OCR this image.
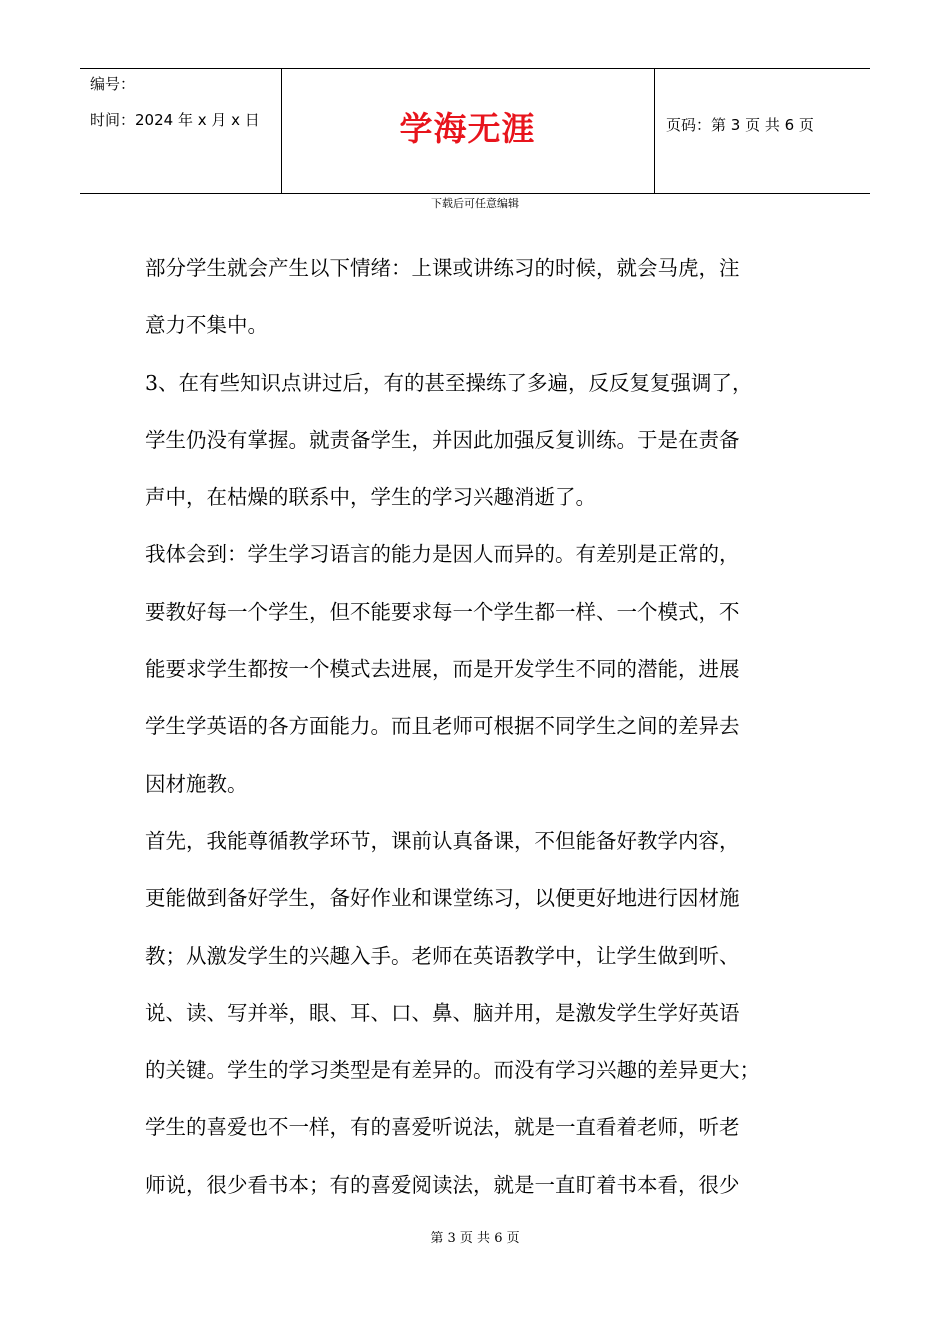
编号：
时间：2024 年 x 月 x 日	学海无涯	页码：第 3 页 共 6 页
下载后可任意编辑
部分学生就会产生以下情绪：上课或讲练习的时候，就会马虎，注
意力不集中。
3、在有些知识点讲过后，有的甚至操练了多遍，反反复复强调了，
学生仍没有掌握。就责备学生，并因此加强反复训练。于是在责备
声中，在枯燥的联系中，学生的学习兴趣消逝了。
我体会到：学生学习语言的能力是因人而异的。有差别是正常的，
要教好每一个学生，但不能要求每一个学生都一样、一个模式，不
能要求学生都按一个模式去进展，而是开发学生不同的潜能，进展
学生学英语的各方面能力。而且老师可根据不同学生之间的差异去
因材施教。
首先，我能尊循教学环节，课前认真备课，不但能备好教学内容，
更能做到备好学生，备好作业和课堂练习，以便更好地进行因材施
教；从激发学生的兴趣入手。老师在英语教学中，让学生做到听、
说、读、写并举，眼、耳、口、鼻、脑并用，是激发学生学好英语
的关键。学生的学习类型是有差异的。而没有学习兴趣的差异更大；
学生的喜爱也不一样，有的喜爱听说法，就是一直看着老师，听老
师说，很少看书本；有的喜爱阅读法，就是一直盯着书本看，很少
第 3 页 共 6 页
